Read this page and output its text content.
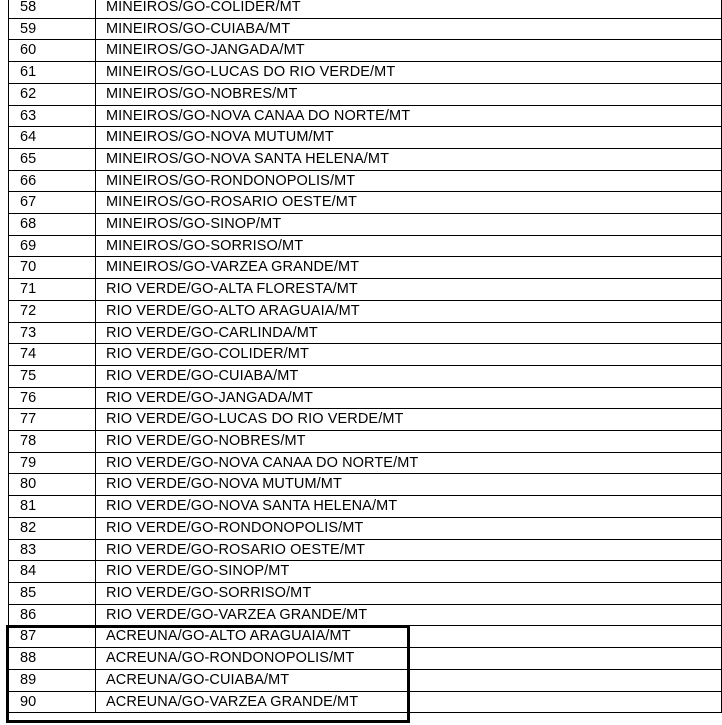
58	MINEIROS/GO-COLIDER/MT
59	MINEIROS/GO-CUIABA/MT
60	MINEIROS/GO-JANGADA/MT
61	MINEIROS/GO-LUCAS DO RIO VERDE/MT
62	MINEIROS/GO-NOBRES/MT
63	MINEIROS/GO-NOVA CANAA DO NORTE/MT
64	MINEIROS/GO-NOVA MUTUM/MT
65	MINEIROS/GO-NOVA SANTA HELENA/MT
66	MINEIROS/GO-RONDONOPOLIS/MT
67	MINEIROS/GO-ROSARIO OESTE/MT
68	MINEIROS/GO-SINOP/MT
69	MINEIROS/GO-SORRISO/MT
70	MINEIROS/GO-VARZEA GRANDE/MT
71	RIO VERDE/GO-ALTA FLORESTA/MT
72	RIO VERDE/GO-ALTO ARAGUAIA/MT
73	RIO VERDE/GO-CARLINDA/MT
74	RIO VERDE/GO-COLIDER/MT
75	RIO VERDE/GO-CUIABA/MT
76	RIO VERDE/GO-JANGADA/MT
77	RIO VERDE/GO-LUCAS DO RIO VERDE/MT
78	RIO VERDE/GO-NOBRES/MT
79	RIO VERDE/GO-NOVA CANAA DO NORTE/MT
80	RIO VERDE/GO-NOVA MUTUM/MT
81	RIO VERDE/GO-NOVA SANTA HELENA/MT
82	RIO VERDE/GO-RONDONOPOLIS/MT
83	RIO VERDE/GO-ROSARIO OESTE/MT
84	RIO VERDE/GO-SINOP/MT
85	RIO VERDE/GO-SORRISO/MT
86	RIO VERDE/GO-VARZEA GRANDE/MT
87	ACREUNA/GO-ALTO ARAGUAIA/MT
88	ACREUNA/GO-RONDONOPOLIS/MT
89	ACREUNA/GO-CUIABA/MT
90	ACREUNA/GO-VARZEA GRANDE/MT
